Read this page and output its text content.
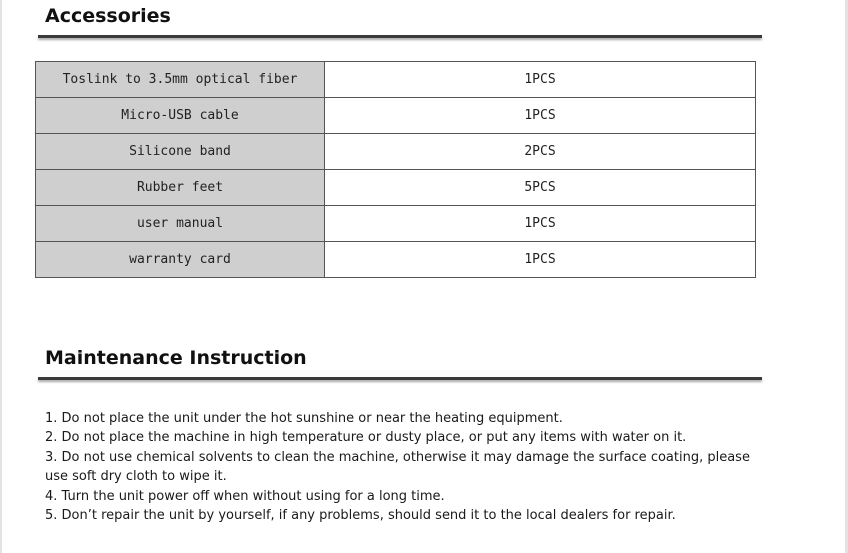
Accessories
Toslink to 3.5mm optical fiber	1PCS
Micro-USB cable	1PCS
Silicone band	2PCS
Rubber feet	5PCS
user manual	1PCS
warranty card	1PCS
Maintenance Instruction
1. Do not place the unit under the hot sunshine or near the heating equipment.
2. Do not place the machine in high temperature or dusty place, or put any items with water on it.
3. Do not use chemical solvents to clean the machine, otherwise it may damage the surface coating, please use soft dry cloth to wipe it.
4. Turn the unit power off when without using for a long time.
5. Don’t repair the unit by yourself, if any problems, should send it to the local dealers for repair.
